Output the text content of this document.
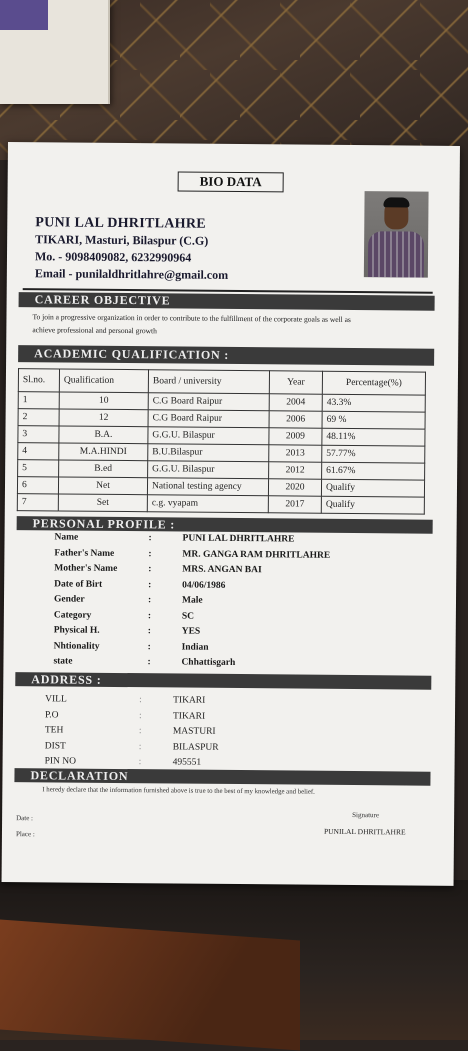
BIO DATA
PUNI LAL DHRITLAHRE
TIKARI, Masturi, Bilaspur (C.G)
Mo. - 9098409082, 6232990964
Email - punilaldhritlahre@gmail.com
CAREER OBJECTIVE
To join a progressive organization in order to contribute to the fulfillment of the corporate goals as well as
achieve professional and personal growth
ACADEMIC QUALIFICATION :
Sl.no.	Qualification	Board / university	Year	Percentage(%)
1	10	C.G Board Raipur	2004	43.3%
2	12	C.G Board Raipur	2006	69 %
3	B.A.	G.G.U. Bilaspur	2009	48.11%
4	M.A.HINDI	B.U.Bilaspur	2013	57.77%
5	B.ed	G.G.U. Bilaspur	2012	61.67%
6	Net	National testing agency	2020	Qualify
7	Set	c.g. vyapam	2017	Qualify
PERSONAL PROFILE :
Name	:	PUNI LAL DHRITLAHRE
Father's Name	:	MR. GANGA RAM DHRITLAHRE
Mother's Name	:	MRS. ANGAN BAI
Date of Birt	:	04/06/1986
Gender	:	Male
Category	:	SC
Physical H.	:	YES
Nhtionality	:	Indian
state	:	Chhattisgarh
ADDRESS :
VILL	:	TIKARI
P.O	:	TIKARI
TEH	:	MASTURI
DIST	:	BILASPUR
PIN NO	:	495551
DECLARATION
I heredy declare that the information furnished above is true to the best of my knowledge and belief.
Signature
Date :
Place :	PUNILAL DHRITLAHRE
